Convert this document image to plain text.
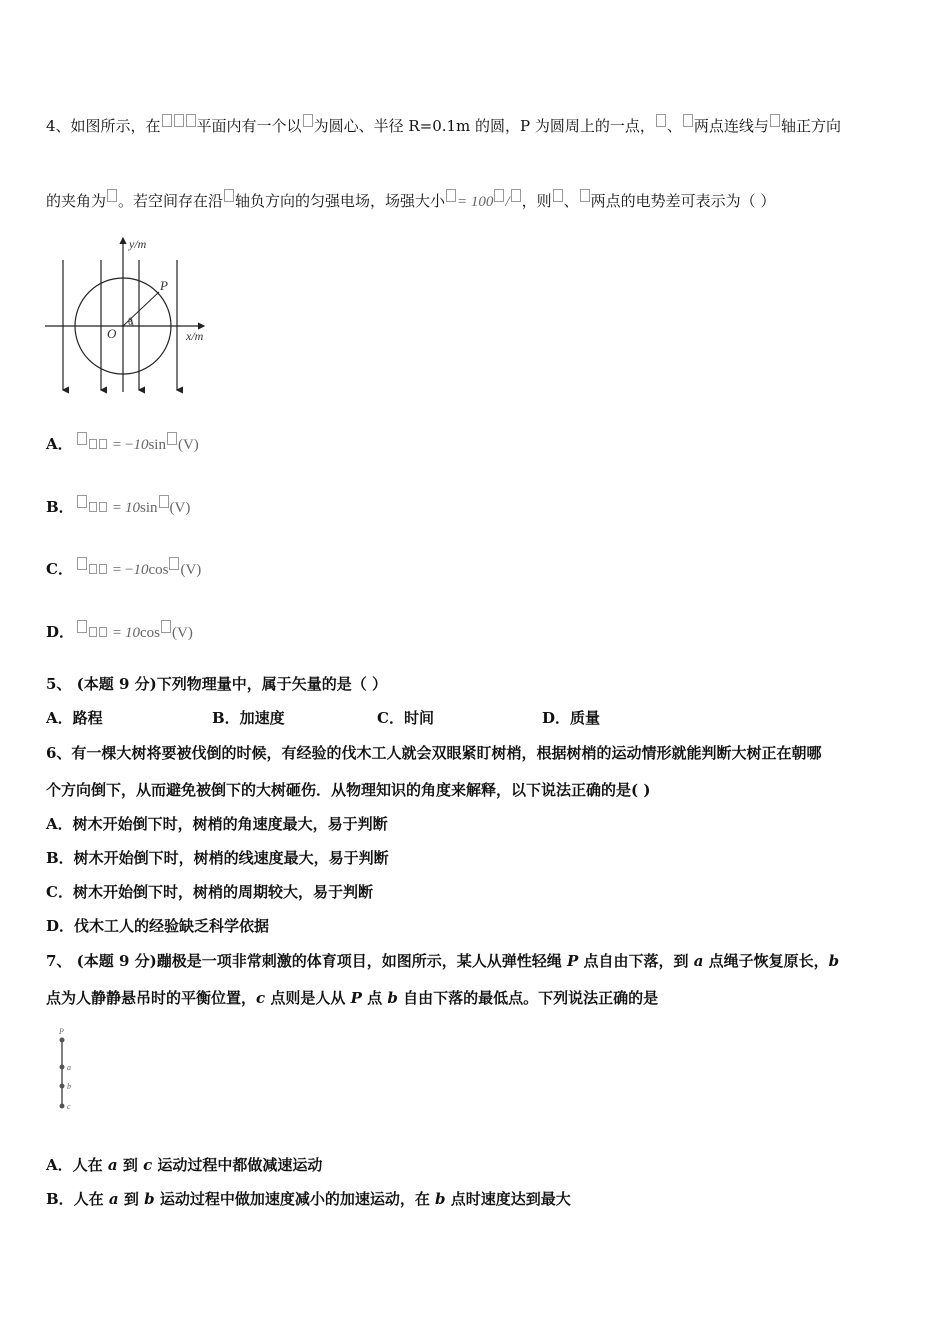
4、如图所示，在 平面内有一个以 为圆心、半径 R=0.1m 的圆，P 为圆周上的一点， 、 两点连线与 轴正方向
的夹角为 。若空间存在沿 轴负方向的匀强电场，场强大小 = 100 / ，则 、 两点的电势差可表示为（ ）
y/m
x/m
O
P
θ
A．	= −10sin (V)
B．	= 10sin (V)
C．	= −10cos (V)
D．	= 10cos (V)
5、 (本题 9 分)下列物理量中，属于矢量的是（ ）
A．路程	B．加速度	C．时间	D．质量
6、有一棵大树将要被伐倒的时候，有经验的伐木工人就会双眼紧盯树梢，根据树梢的运动情形就能判断大树正在朝哪
个方向倒下，从而避免被倒下的大树砸伤．从物理知识的角度来解释，以下说法正确的是( )
A．树木开始倒下时，树梢的角速度最大，易于判断
B．树木开始倒下时，树梢的线速度最大，易于判断
C．树木开始倒下时，树梢的周期较大，易于判断
D．伐木工人的经验缺乏科学依据
7、 (本题 9 分)蹦极是一项非常刺激的体育项目，如图所示，某人从弹性轻绳 P 点自由下落，到 a 点绳子恢复原长，b
点为人静静悬吊时的平衡位置，c 点则是人从 P 点 b 自由下落的最低点。下列说法正确的是
P
a
b
c
A．人在 a 到 c 运动过程中都做减速运动
B．人在 a 到 b 运动过程中做加速度减小的加速运动，在 b 点时速度达到最大
